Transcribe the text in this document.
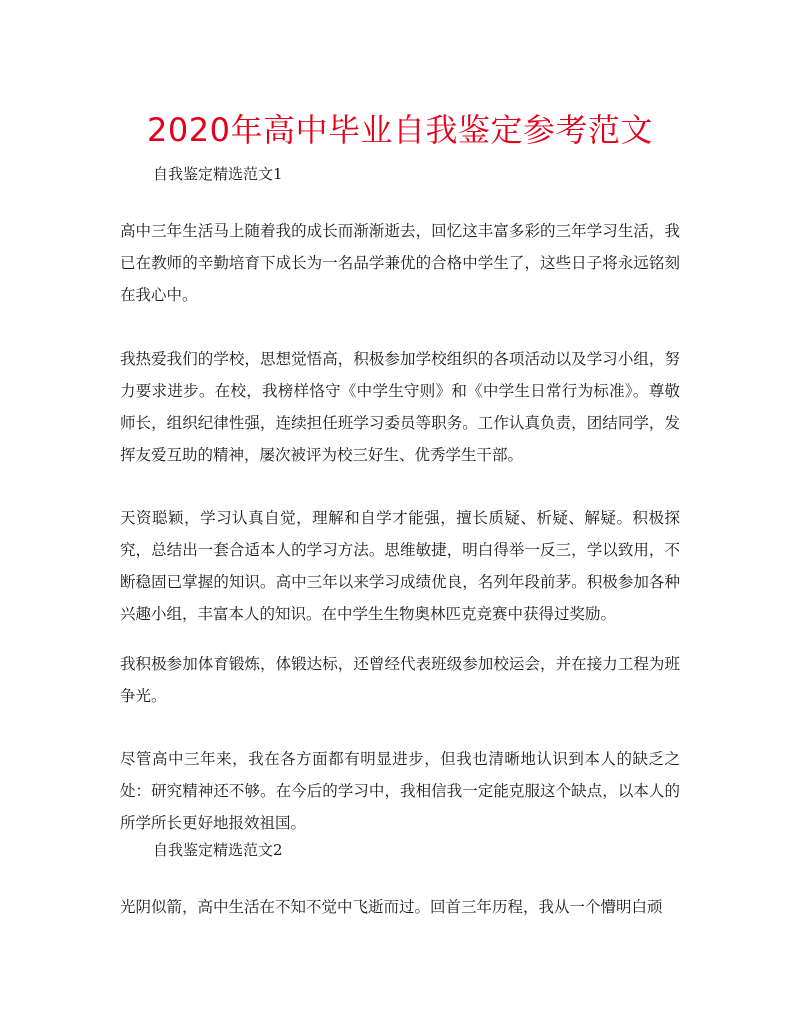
2020年高中毕业自我鉴定参考范文

自我鉴定精选范文1

高中三年生活马上随着我的成长而渐渐逝去，回忆这丰富多彩的三年学习生活，我已在教师的辛勤培育下成长为一名品学兼优的合格中学生了，这些日子将永远铭刻在我心中。

我热爱我们的学校，思想觉悟高，积极参加学校组织的各项活动以及学习小组，努力要求进步。在校，我榜样恪守《中学生守则》和《中学生日常行为标准》。尊敬师长，组织纪律性强，连续担任班学习委员等职务。工作认真负责，团结同学，发挥友爱互助的精神，屡次被评为校三好生、优秀学生干部。

天资聪颖，学习认真自觉，理解和自学才能强，擅长质疑、析疑、解疑。积极探究，总结出一套合适本人的学习方法。思维敏捷，明白得举一反三，学以致用，不断稳固已掌握的知识。高中三年以来学习成绩优良，名列年段前茅。积极参加各种兴趣小组，丰富本人的知识。在中学生生物奥林匹克竞赛中获得过奖励。

我积极参加体育锻炼，体锻达标，还曾经代表班级参加校运会，并在接力工程为班争光。

尽管高中三年来，我在各方面都有明显进步，但我也清晰地认识到本人的缺乏之处：研究精神还不够。在今后的学习中，我相信我一定能克服这个缺点，以本人的所学所长更好地报效祖国。

自我鉴定精选范文2

光阴似箭，高中生活在不知不觉中飞逝而过。回首三年历程，我从一个懵明白顽
